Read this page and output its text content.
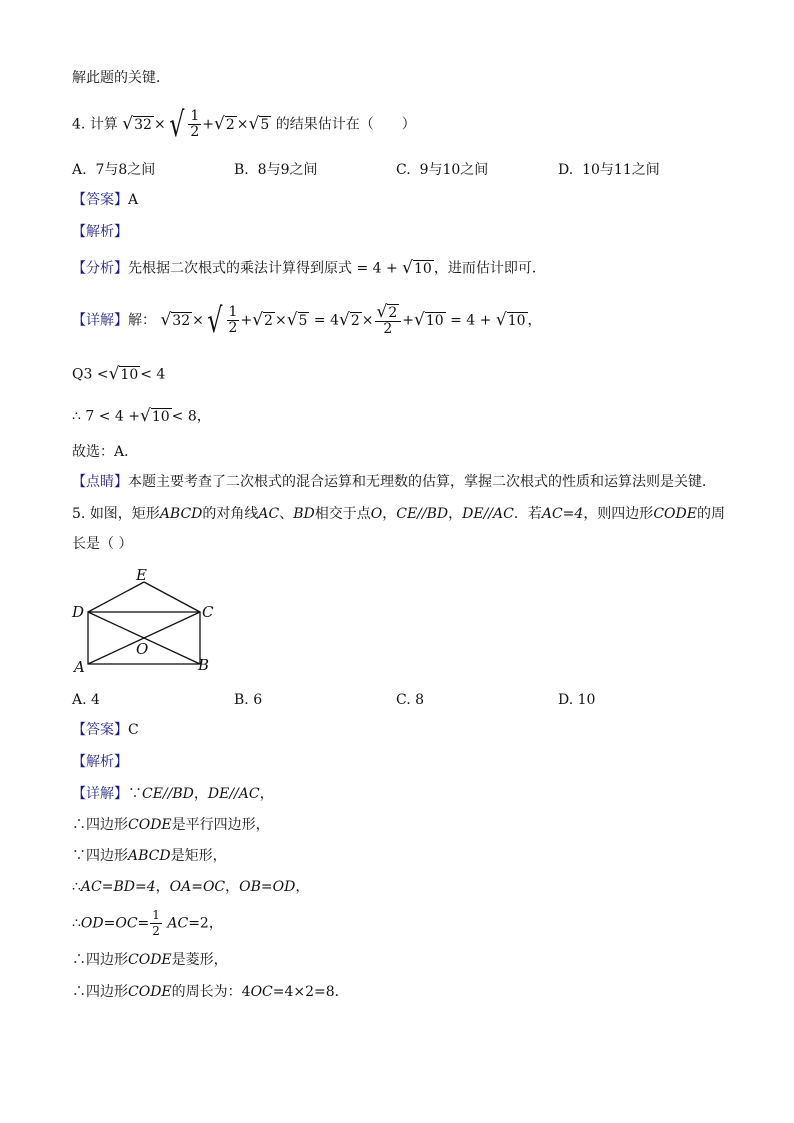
解此题的关键．
4. 计算 √32 ×√ $\frac{1}{2} +√2 \times√5$ 的结果估计在（　　）
A. 7与8之间	B. 8与9之间	C. 9与10之间	D. 10与11之间
【答案】A
【解析】
【分析】先根据二次根式的乘法计算得到原式 = 4 + √10 ，进而估计即可．
【详解】解： √32 ×√ $\frac{1}{2} +√2 \times√5 = 4√2 \times \frac{√2}{2} +√10 = 4 + √10$ ，
Q3 <√10 < 4
∴ 7 < 4 +√10 < 8，
故选：A．
【点睛】本题主要考查了二次根式的混合运算和无理数的估算，掌握二次根式的性质和运算法则是关键．
5. 如图，矩形ABCD的对角线AC、BD相交于点O，CE//BD，DE//AC．若AC=4，则四边形CODE的周
长是（ ）
E
D	C
O
A	B
A. 4	B. 6	C. 8	D. 10
【答案】C
【解析】
【详解】∵CE//BD，DE//AC，
∴四边形CODE是平行四边形，
∵四边形ABCD是矩形，
∴AC=BD=4，OA=OC，OB=OD，
∴OD=OC= $\frac{1}{2} AC=2$，
∴四边形CODE是菱形，
∴四边形CODE的周长为：4OC=4×2=8．
